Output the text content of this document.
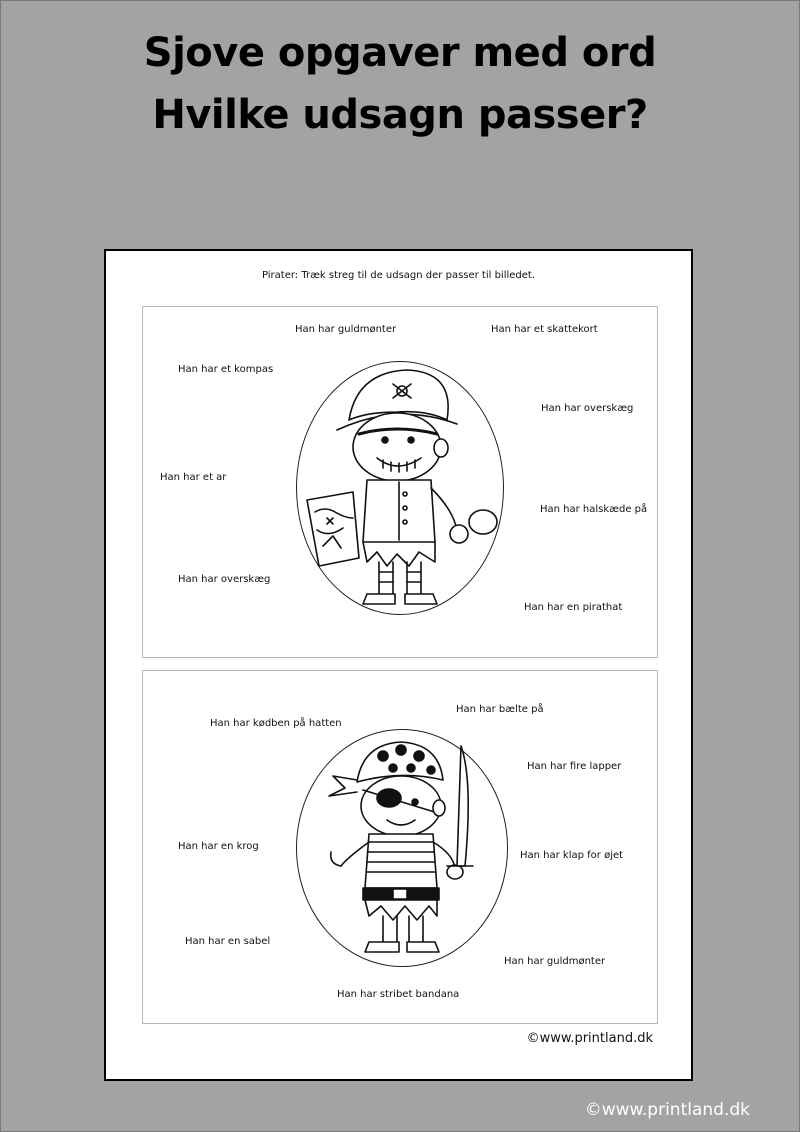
Sjove opgaver med ord
Hvilke udsagn passer?
Pirater: Træk streg til de udsagn der passer til billedet.
Han har guldmønter	Han har et skattekort
Han har et kompas
Han har overskæg
Han har et ar
Han har halskæde på
Han har overskæg
Han har en pirathat
Han har bælte på
Han har kødben på hatten
Han har fire lapper
Han har en krog
Han har klap for øjet
Han har en sabel
Han har guldmønter
Han har stribet bandana
©www.printland.dk
©www.printland.dk
